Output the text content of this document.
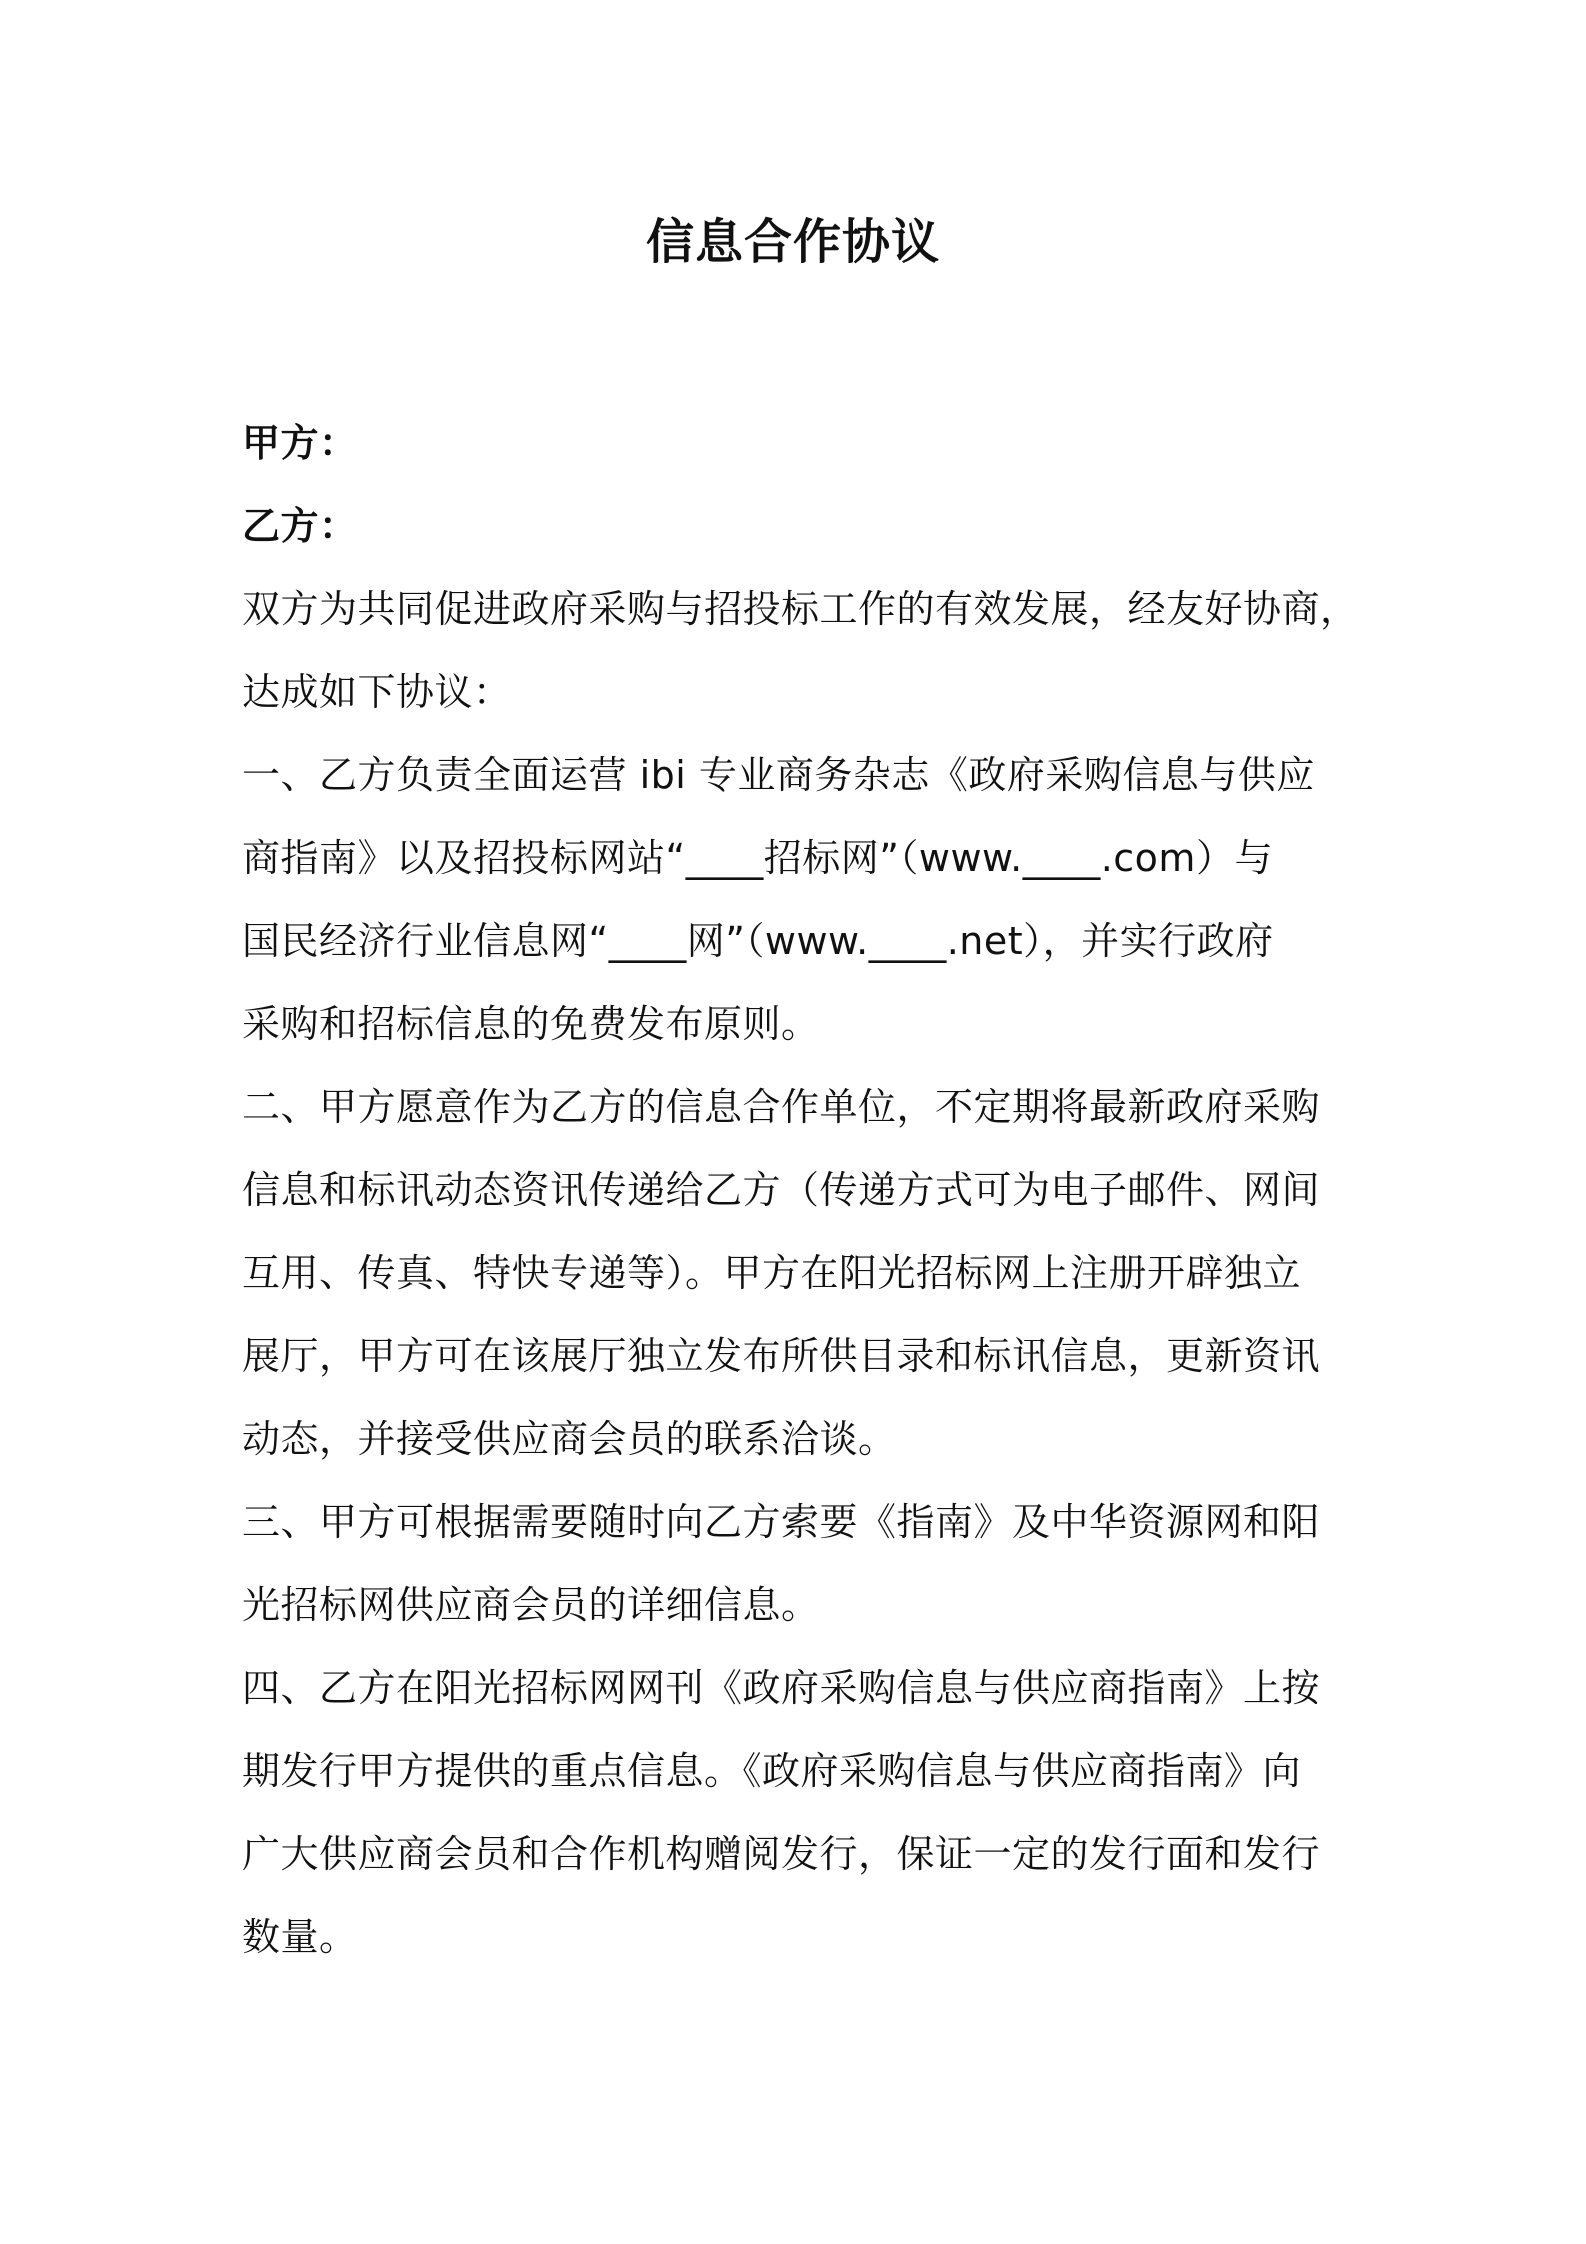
信息合作协议
甲方：
乙方：
双方为共同促进政府采购与招投标工作的有效发展，经友好协商，
达成如下协议：
一、乙方负责全面运营 ibi 专业商务杂志《政府采购信息与供应
商指南》以及招投标网站“____招标网”（www.____.com）与
国民经济行业信息网“____网”（www.____.net），并实行政府
采购和招标信息的免费发布原则。
二、甲方愿意作为乙方的信息合作单位，不定期将最新政府采购
信息和标讯动态资讯传递给乙方（传递方式可为电子邮件、网间
互用、传真、特快专递等）。甲方在阳光招标网上注册开辟独立
展厅，甲方可在该展厅独立发布所供目录和标讯信息，更新资讯
动态，并接受供应商会员的联系洽谈。
三、甲方可根据需要随时向乙方索要《指南》及中华资源网和阳
光招标网供应商会员的详细信息。
四、乙方在阳光招标网网刊《政府采购信息与供应商指南》上按
期发行甲方提供的重点信息。《政府采购信息与供应商指南》向
广大供应商会员和合作机构赠阅发行，保证一定的发行面和发行
数量。
